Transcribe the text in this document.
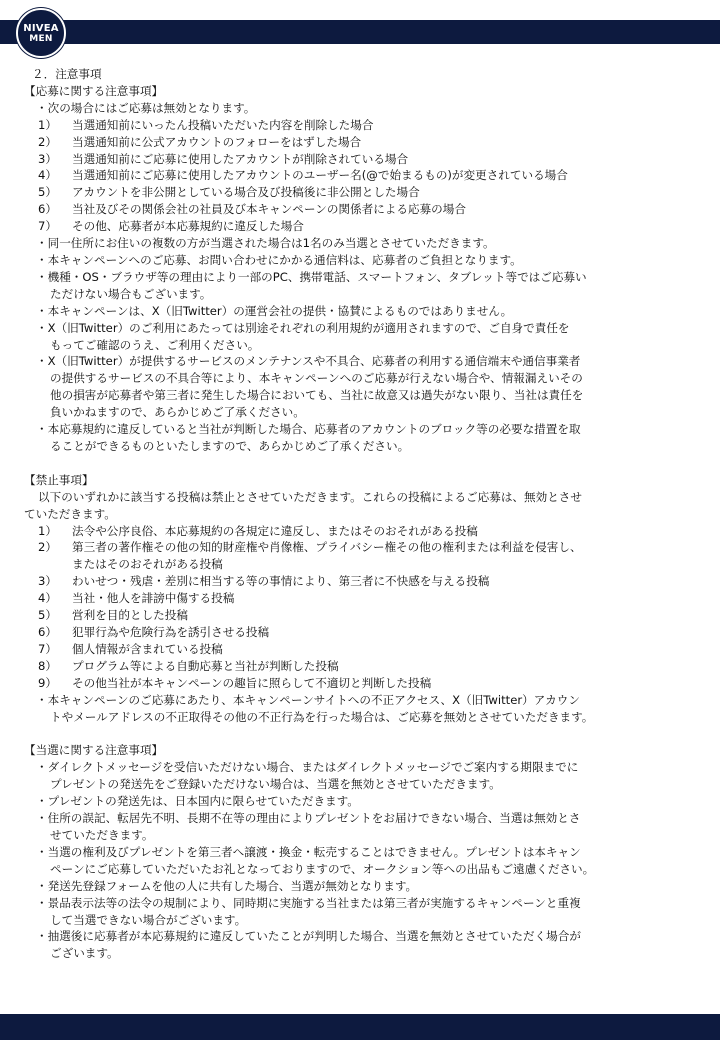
NIVEA
MEN
２．注意事項
【応募に関する注意事項】
・次の場合にはご応募は無効となります。
1） 当選通知前にいったん投稿いただいた内容を削除した場合
2） 当選通知前に公式アカウントのフォローをはずした場合
3） 当選通知前にご応募に使用したアカウントが削除されている場合
4） 当選通知前にご応募に使用したアカウントのユーザー名(@で始まるもの)が変更されている場合
5） アカウントを非公開としている場合及び投稿後に非公開とした場合
6） 当社及びその関係会社の社員及び本キャンペーンの関係者による応募の場合
7） その他、応募者が本応募規約に違反した場合
・同一住所にお住いの複数の方が当選された場合は1名のみ当選とさせていただきます。
・本キャンペーンへのご応募、お問い合わせにかかる通信料は、応募者のご負担となります。
・機種・OS・ブラウザ等の理由により一部のPC、携帯電話、スマートフォン、タブレット等ではご応募い
ただけない場合もございます。
・本キャンペーンは、X（旧Twitter）の運営会社の提供・協賛によるものではありません。
・X（旧Twitter）のご利用にあたっては別途それぞれの利用規約が適用されますので、ご自身で責任を
もってご確認のうえ、ご利用ください。
・X（旧Twitter）が提供するサービスのメンテナンスや不具合、応募者の利用する通信端末や通信事業者
の提供するサービスの不具合等により、本キャンペーンへのご応募が行えない場合や、情報漏えいその
他の損害が応募者や第三者に発生した場合においても、当社に故意又は過失がない限り、当社は責任を
負いかねますので、あらかじめご了承ください。
・本応募規約に違反していると当社が判断した場合、応募者のアカウントのブロック等の必要な措置を取
ることができるものといたしますので、あらかじめご了承ください。
【禁止事項】
以下のいずれかに該当する投稿は禁止とさせていただきます。これらの投稿によるご応募は、無効とさせ
ていただきます。
1） 法令や公序良俗、本応募規約の各規定に違反し、またはそのおそれがある投稿
2） 第三者の著作権その他の知的財産権や肖像権、プライバシー権その他の権利または利益を侵害し、
またはそのおそれがある投稿
3） わいせつ・残虐・差別に相当する等の事情により、第三者に不快感を与える投稿
4） 当社・他人を誹謗中傷する投稿
5） 営利を目的とした投稿
6） 犯罪行為や危険行為を誘引させる投稿
7） 個人情報が含まれている投稿
8） プログラム等による自動応募と当社が判断した投稿
9） その他当社が本キャンペーンの趣旨に照らして不適切と判断した投稿
・本キャンペーンのご応募にあたり、本キャンペーンサイトへの不正アクセス、X（旧Twitter）アカウン
トやメールアドレスの不正取得その他の不正行為を行った場合は、ご応募を無効とさせていただきます。
【当選に関する注意事項】
・ダイレクトメッセージを受信いただけない場合、またはダイレクトメッセージでご案内する期限までに
プレゼントの発送先をご登録いただけない場合は、当選を無効とさせていただきます。
・プレゼントの発送先は、日本国内に限らせていただきます。
・住所の誤記、転居先不明、長期不在等の理由によりプレゼントをお届けできない場合、当選は無効とさ
せていただきます。
・当選の権利及びプレゼントを第三者へ譲渡・換金・転売することはできません。プレゼントは本キャン
ペーンにご応募していただいたお礼となっておりますので、オークション等への出品もご遠慮ください。
・発送先登録フォームを他の人に共有した場合、当選が無効となります。
・景品表示法等の法令の規制により、同時期に実施する当社または第三者が実施するキャンペーンと重複
して当選できない場合がございます。
・抽選後に応募者が本応募規約に違反していたことが判明した場合、当選を無効とさせていただく場合が
ございます。
